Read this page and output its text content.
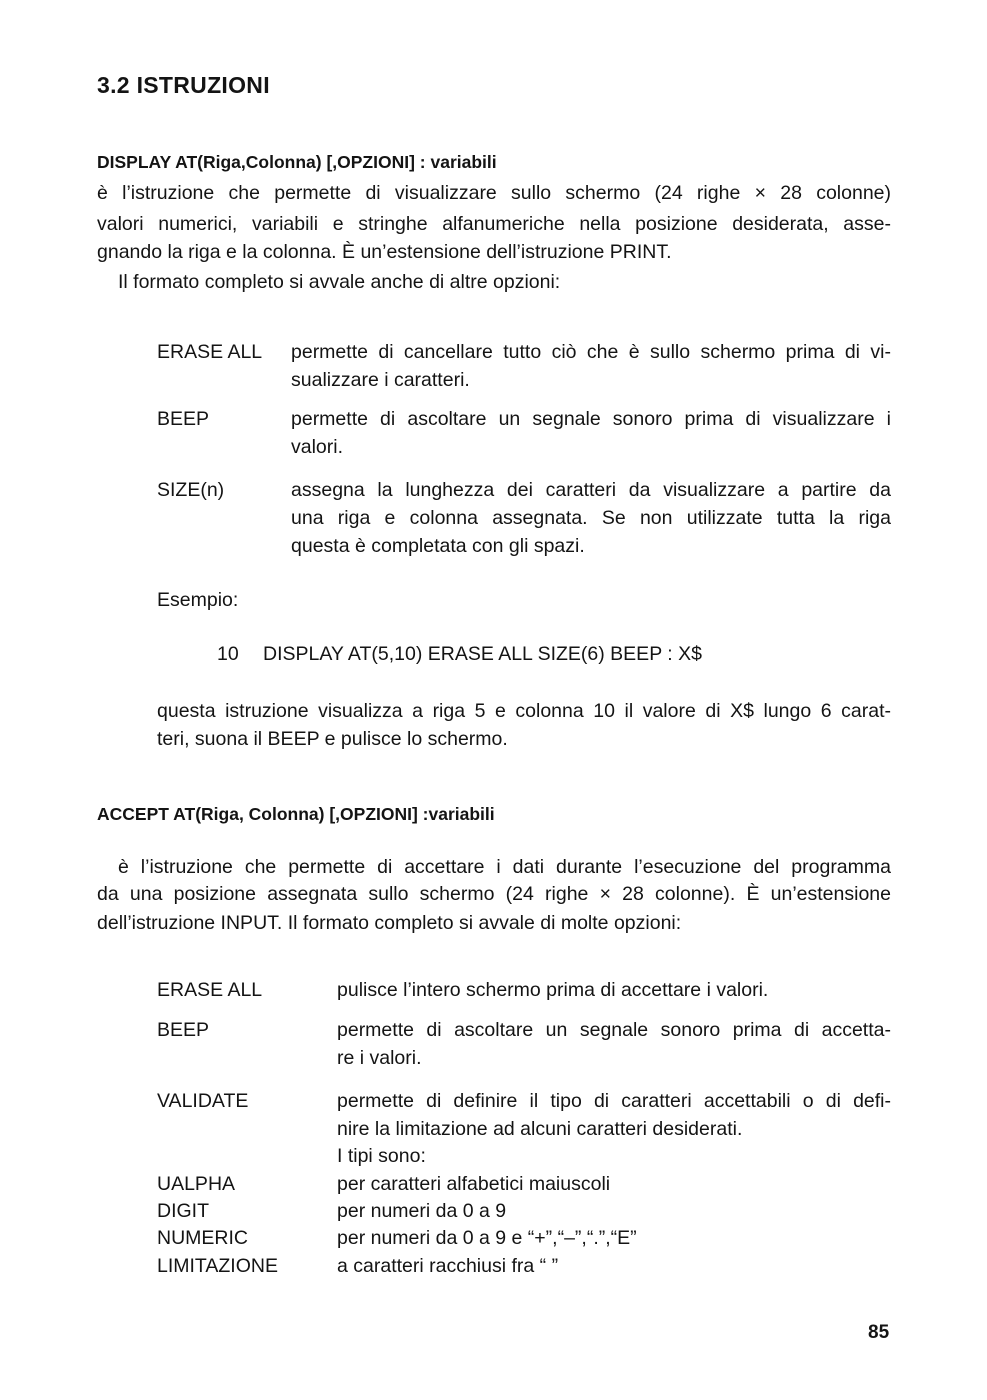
3.2 ISTRUZIONI
DISPLAY AT(Riga,Colonna) [,OPZIONI] : variabili
è l’istruzione che permette di visualizzare sullo schermo (24 righe × 28 colonne)
valori numerici, variabili e stringhe alfanumeriche nella posizione desiderata, asse-
gnando la riga e la colonna. È un’estensione dell’istruzione PRINT.
Il formato completo si avvale anche di altre opzioni:
ERASE ALL permette di cancellare tutto ciò che è sullo schermo prima di vi-
sualizzare i caratteri.
BEEP	permette di ascoltare un segnale sonoro prima di visualizzare i
valori.
SIZE(n)	assegna la lunghezza dei caratteri da visualizzare a partire da
una riga e colonna assegnata. Se non utilizzate tutta la riga
questa è completata con gli spazi.
Esempio:
10 DISPLAY AT(5,10) ERASE ALL SIZE(6) BEEP : X$
questa istruzione visualizza a riga 5 e colonna 10 il valore di X$ lungo 6 carat-
teri, suona il BEEP e pulisce lo schermo.
ACCEPT AT(Riga, Colonna) [,OPZIONI] :variabili
è l’istruzione che permette di accettare i dati durante l’esecuzione del programma
da una posizione assegnata sullo schermo (24 righe × 28 colonne). È un’estensione
dell’istruzione INPUT. Il formato completo si avvale di molte opzioni:
ERASE ALL	pulisce l’intero schermo prima di accettare i valori.
BEEP	permette di ascoltare un segnale sonoro prima di accetta-
re i valori.
VALIDATE	permette di definire il tipo di caratteri accettabili o di defi-
nire la limitazione ad alcuni caratteri desiderati.
I tipi sono:
UALPHA	per caratteri alfabetici maiuscoli
DIGIT	per numeri da 0 a 9
NUMERIC	per numeri da 0 a 9 e “+”,“–”,“.”,“E”
LIMITAZIONE	a caratteri racchiusi fra “ ”
85
